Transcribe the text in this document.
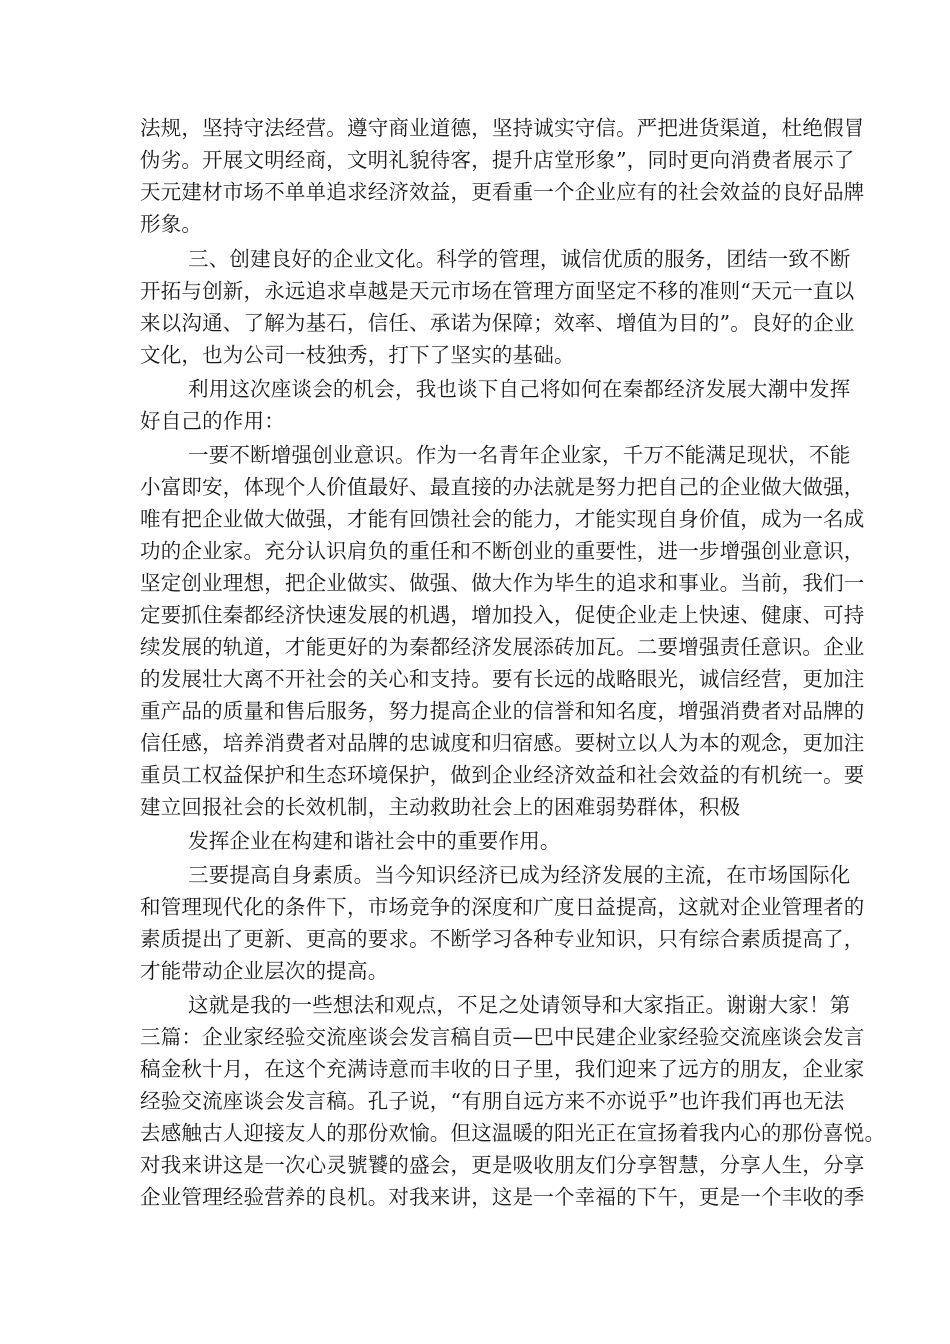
法规，坚持守法经营。遵守商业道德，坚持诚实守信。严把进货渠道，杜绝假冒
伪劣。开展文明经商，文明礼貌待客，提升店堂形象”，同时更向消费者展示了
天元建材市场不单单追求经济效益，更看重一个企业应有的社会效益的良好品牌
形象。
三、创建良好的企业文化。科学的管理，诚信优质的服务，团结一致不断
开拓与创新，永远追求卓越是天元市场在管理方面坚定不移的准则“天元一直以
来以沟通、了解为基石，信任、承诺为保障；效率、增值为目的”。良好的企业
文化，也为公司一枝独秀，打下了坚实的基础。
利用这次座谈会的机会，我也谈下自己将如何在秦都经济发展大潮中发挥
好自己的作用：
一要不断增强创业意识。作为一名青年企业家，千万不能满足现状，不能
小富即安，体现个人价值最好、最直接的办法就是努力把自己的企业做大做强，
唯有把企业做大做强，才能有回馈社会的能力，才能实现自身价值，成为一名成
功的企业家。充分认识肩负的重任和不断创业的重要性，进一步增强创业意识，
坚定创业理想，把企业做实、做强、做大作为毕生的追求和事业。当前，我们一
定要抓住秦都经济快速发展的机遇，增加投入，促使企业走上快速、健康、可持
续发展的轨道，才能更好的为秦都经济发展添砖加瓦。二要增强责任意识。企业
的发展壮大离不开社会的关心和支持。要有长远的战略眼光，诚信经营，更加注
重产品的质量和售后服务，努力提高企业的信誉和知名度，增强消费者对品牌的
信任感，培养消费者对品牌的忠诚度和归宿感。要树立以人为本的观念，更加注
重员工权益保护和生态环境保护，做到企业经济效益和社会效益的有机统一。要
建立回报社会的长效机制，主动救助社会上的困难弱势群体，积极
发挥企业在构建和谐社会中的重要作用。
三要提高自身素质。当今知识经济已成为经济发展的主流，在市场国际化
和管理现代化的条件下，市场竞争的深度和广度日益提高，这就对企业管理者的
素质提出了更新、更高的要求。不断学习各种专业知识，只有综合素质提高了，
才能带动企业层次的提高。
这就是我的一些想法和观点，不足之处请领导和大家指正。谢谢大家！第
三篇：企业家经验交流座谈会发言稿自贡—巴中民建企业家经验交流座谈会发言
稿金秋十月，在这个充满诗意而丰收的日子里，我们迎来了远方的朋友，企业家
经验交流座谈会发言稿。孔子说，“有朋自远方来不亦说乎”也许我们再也无法
去感触古人迎接友人的那份欢愉。但这温暖的阳光正在宣扬着我内心的那份喜悦。
对我来讲这是一次心灵號饕的盛会，更是吸收朋友们分享智慧，分享人生，分享
企业管理经验营养的良机。对我来讲，这是一个幸福的下午，更是一个丰收的季
